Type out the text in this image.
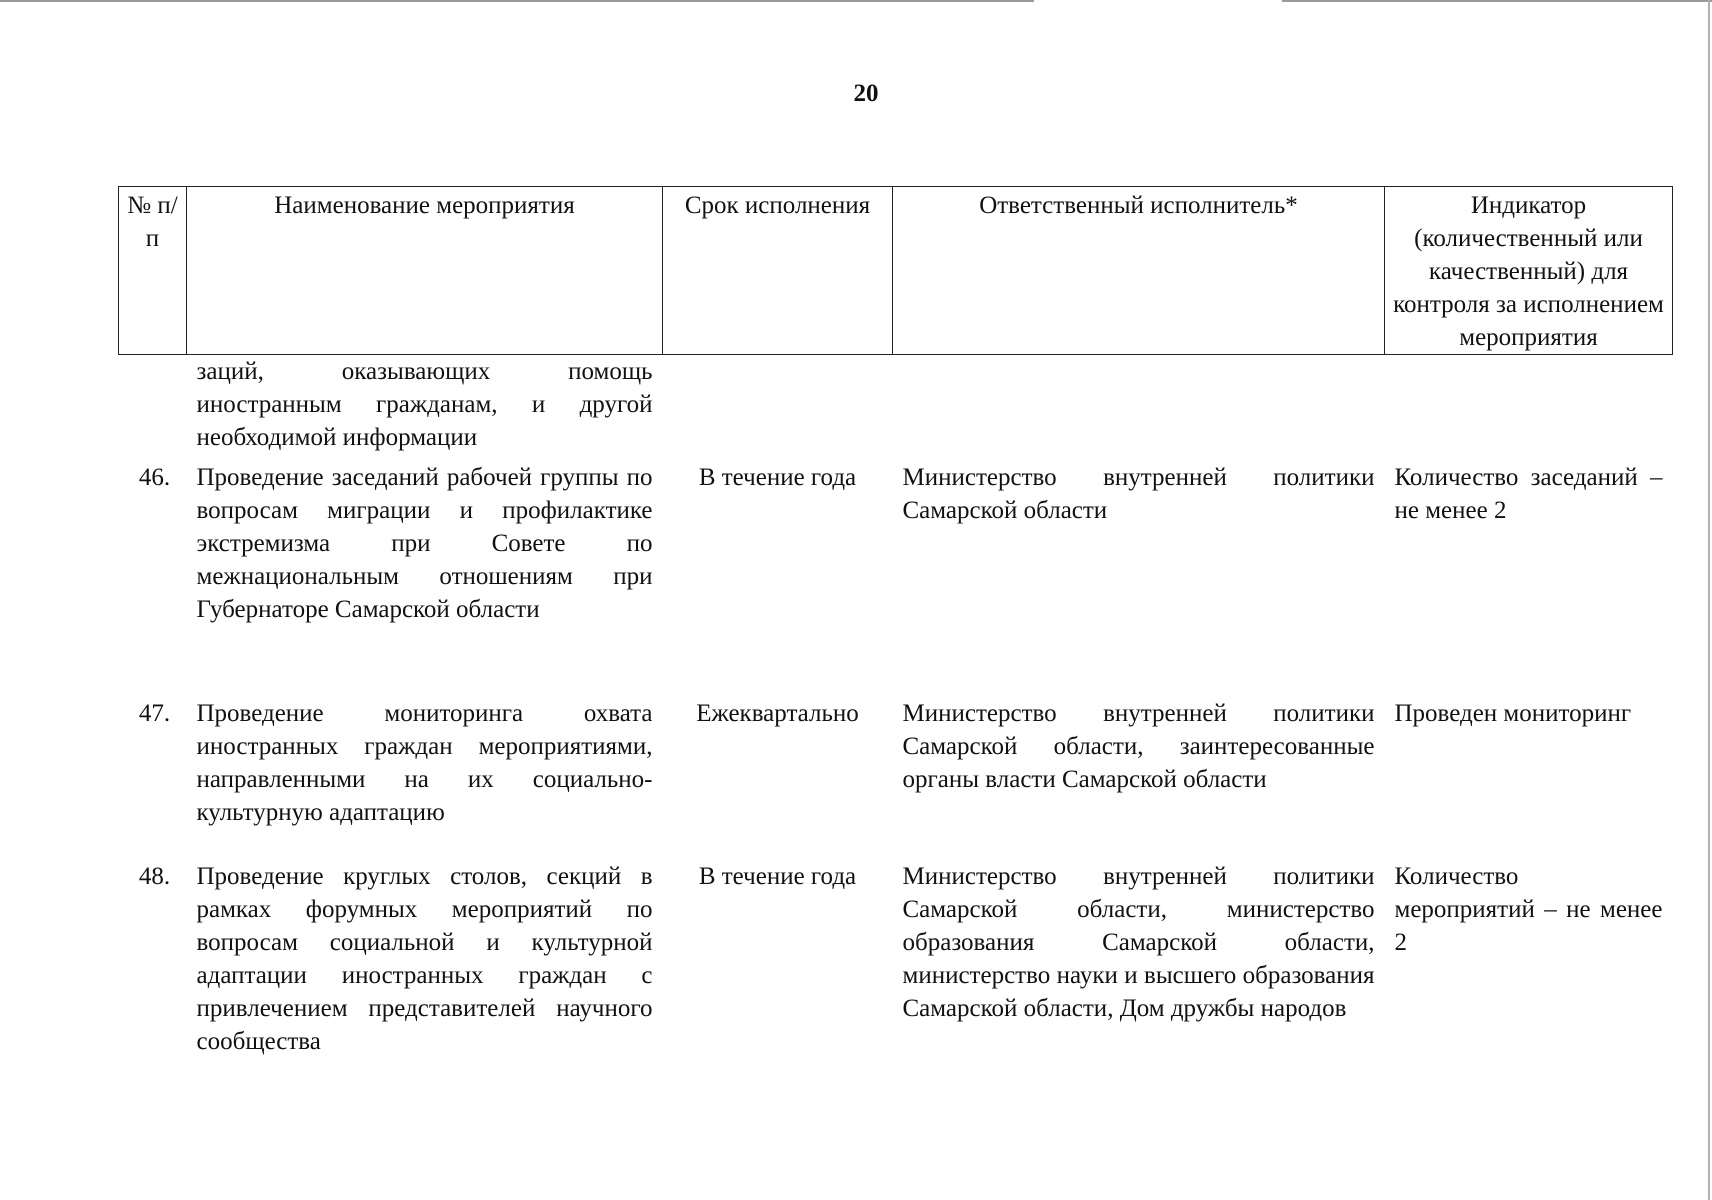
20
№ п/п	Наименование мероприятия	Срок исполнения	Ответственный исполнитель*	Индикатор (количественный или качественный) для контроля за исполнением мероприятия
	заций, оказывающих помощь иностранным гражданам, и другой необходимой информации			
46.	Проведение заседаний рабочей группы по вопросам миграции и профилактике экстремизма при Совете по межнациональным отношениям при Губернаторе Самарской области	В течение года	Министерство внутренней политики Самарской области	Количество заседаний – не менее 2
47.	Проведение мониторинга охвата иностранных граждан мероприятиями, направленными на их социально-культурную адаптацию	Ежеквартально	Министерство внутренней политики Самарской области, заинтересованные органы власти Самарской области	Проведен мониторинг
48.	Проведение круглых столов, секций в рамках форумных мероприятий по вопросам социальной и культурной адаптации иностранных граждан с привлечением представителей научного сообщества	В течение года	Министерство внутренней политики Самарской области, министерство образования Самарской области, министерство науки и высшего образования Самарской области, Дом дружбы народов	Количество мероприятий – не менее 2
